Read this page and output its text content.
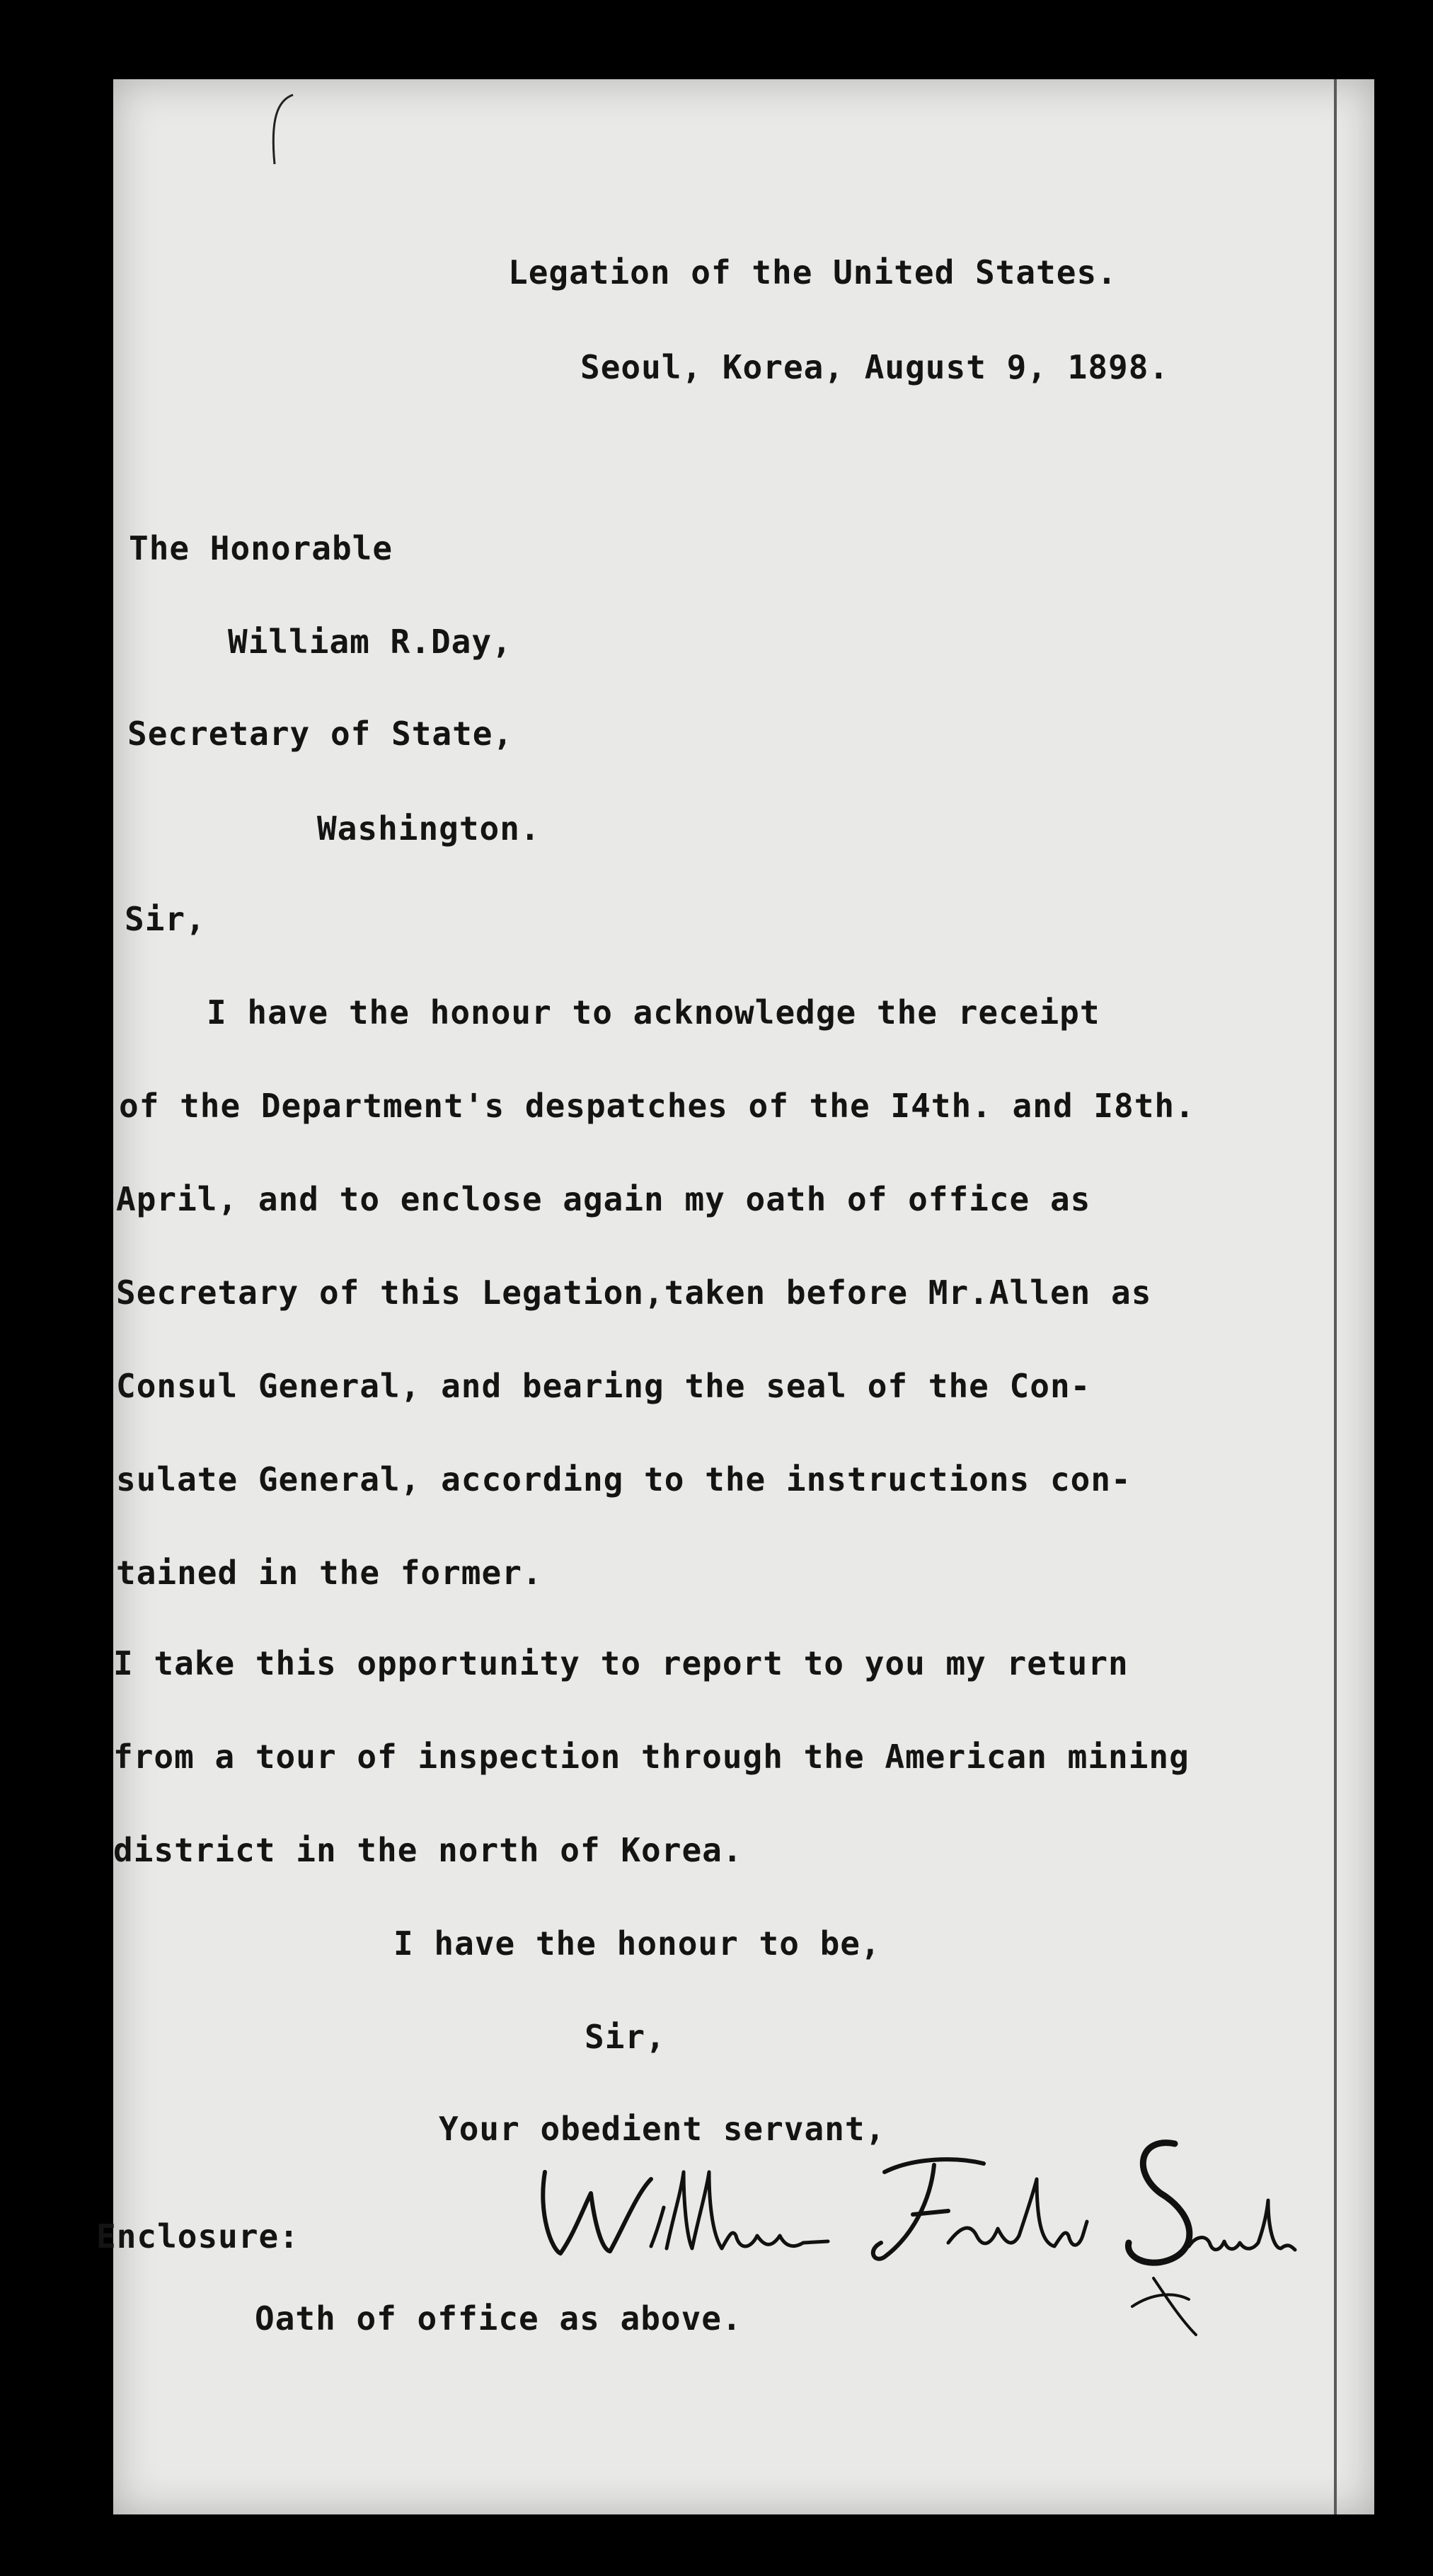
Legation of the United States.
Seoul, Korea, August 9, 1898.
The Honorable
William R.Day,
Secretary of State,
Washington.
Sir,
I have the honour to acknowledge the receipt
of the Department's despatches of the I4th. and I8th.
April, and to enclose again my oath of office as
Secretary of this Legation,taken before Mr.Allen as
Consul General, and bearing the seal of the Con-
sulate General, according to the instructions con-
tained in the former.
I take this opportunity to report to you my return
from a tour of inspection through the American mining
district in the north of Korea.
I have the honour to be,
Sir,
Your obedient servant,
Enclosure:
Oath of office as above.
